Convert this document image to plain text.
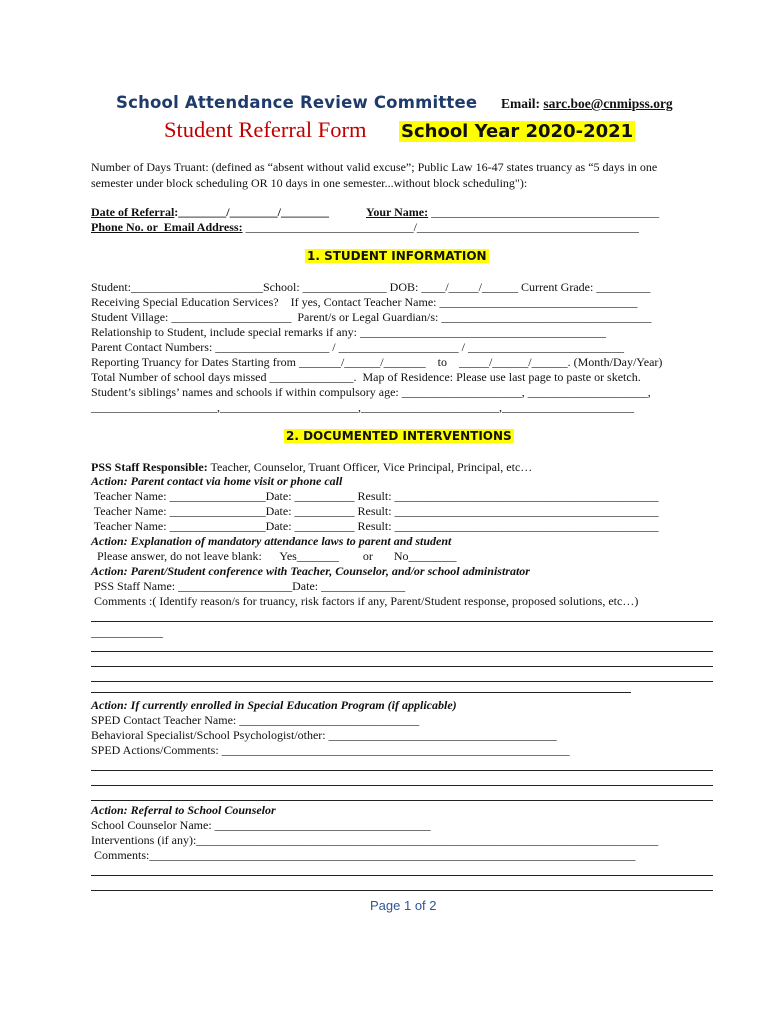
School Attendance Review Committee Email: sarc.boe@cnmipss.org
Student Referral Form School Year 2020-2021
Number of Days Truant: (defined as “absent without valid excuse”; Public Law 16-47 states truancy as “5 days in one
semester under block scheduling OR 10 days in one semester...without block scheduling"):
Date of Referral:________/________/________	Your Name: ______________________________________
Phone No. or  Email Address: ____________________________/_____________________________________
1. STUDENT INFORMATION
Student:______________________School: ______________ DOB: ____/_____/______ Current Grade: _________
Receiving Special Education Services?    If yes, Contact Teacher Name: _________________________________
Student Village: ____________________  Parent/s or Legal Guardian/s: ___________________________________
Relationship to Student, include special remarks if any: _________________________________________
Parent Contact Numbers: ___________________ / ____________________ / __________________________
Reporting Truancy for Dates Starting from _______/______/_______    to    _____/______/______. (Month/Day/Year)
Total Number of school days missed ______________.  Map of Residence: Please use last page to paste or sketch.
Student’s siblings’ names and schools if within compulsory age: ____________________, ____________________,
_____________________,_______________________,_______________________,______________________
2. DOCUMENTED INTERVENTIONS
PSS Staff Responsible: Teacher, Counselor, Truant Officer, Vice Principal, Principal, etc…
Action: Parent contact via home visit or phone call
Teacher Name: ________________Date: __________ Result: ____________________________________________
Teacher Name: ________________Date: __________ Result: ____________________________________________
Teacher Name: ________________Date: __________ Result: ____________________________________________
Action: Explanation of mandatory attendance laws to parent and student
Please answer, do not leave blank:      Yes_______        or       No________
Action: Parent/Student conference with Teacher, Counselor, and/or school administrator
PSS Staff Name: ___________________Date: ______________
Comments :( Identify reason/s for truancy, risk factors if any, Parent/Student response, proposed solutions, etc…)
____________
Action: If currently enrolled in Special Education Program (if applicable)
SPED Contact Teacher Name: ______________________________
Behavioral Specialist/School Psychologist/other: ______________________________________
SPED Actions/Comments: __________________________________________________________
Action: Referral to School Counselor
School Counselor Name: ____________________________________
Interventions (if any):_____________________________________________________________________________
Comments:_________________________________________________________________________________
Page 1 of 2
